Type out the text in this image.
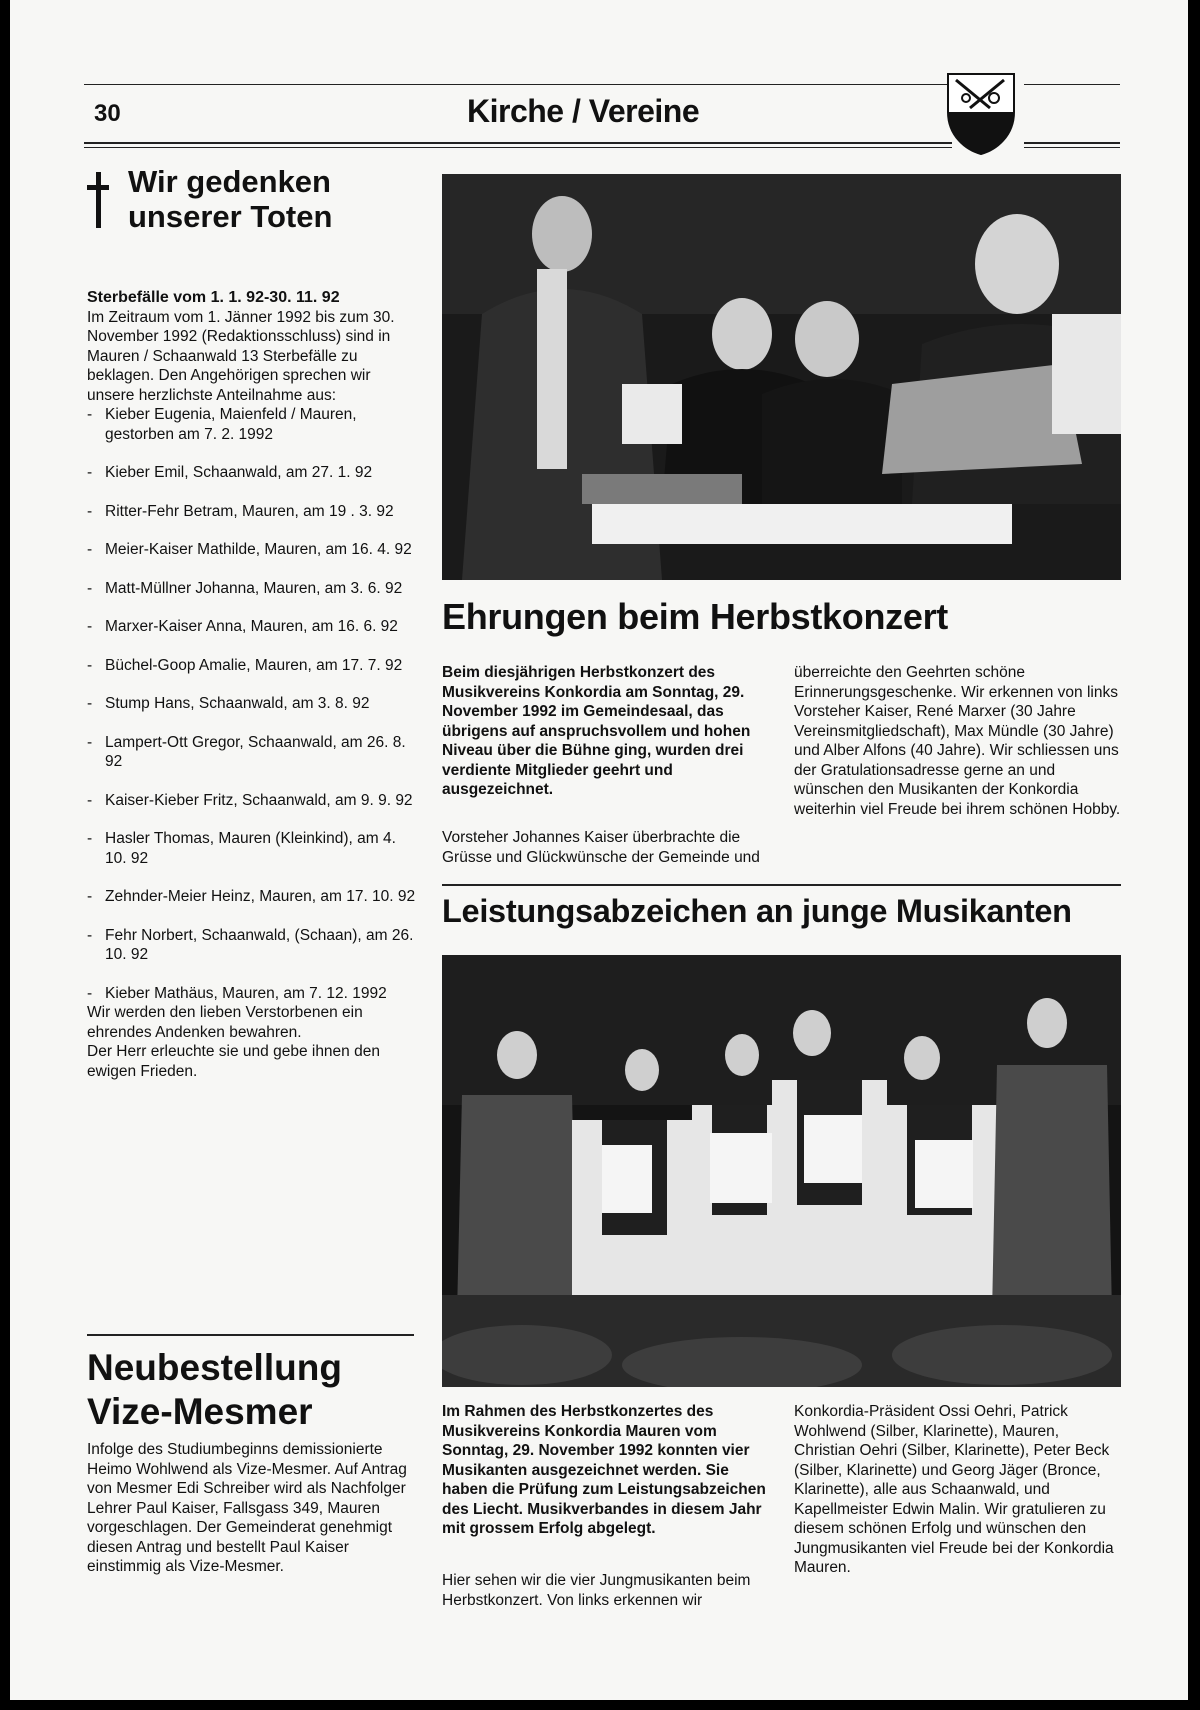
30	Kirche / Vereine
Wir gedenken
unserer Toten

Sterbefälle vom 1. 1. 92-30. 11. 92

Im Zeitraum vom 1. Jänner 1992 bis zum 30. November 1992 (Redaktionsschluss) sind in Mauren / Schaanwald 13 Sterbefälle zu beklagen. Den Angehörigen sprechen wir unsere herzlichste Anteilnahme aus:

- Kieber Eugenia, Maienfeld / Mauren, gestorben am 7. 2. 1992
- Kieber Emil, Schaanwald, am 27. 1. 92
- Ritter-Fehr Betram, Mauren, am 19 . 3. 92
- Meier-Kaiser Mathilde, Mauren, am 16. 4. 92
- Matt-Müllner Johanna, Mauren, am 3. 6. 92
- Marxer-Kaiser Anna, Mauren, am 16. 6. 92
- Büchel-Goop Amalie, Mauren, am 17. 7. 92
- Stump Hans, Schaanwald, am 3. 8. 92
- Lampert-Ott Gregor, Schaanwald, am 26. 8. 92
- Kaiser-Kieber Fritz, Schaanwald, am 9. 9. 92
- Hasler Thomas, Mauren (Kleinkind), am 4. 10. 92
- Zehnder-Meier Heinz, Mauren, am 17. 10. 92
- Fehr Norbert, Schaanwald, (Schaan), am 26. 10. 92
- Kieber Mathäus, Mauren, am 7. 12. 1992

Wir werden den lieben Verstorbenen ein ehrendes Andenken bewahren.

Der Herr erleuchte sie und gebe ihnen den ewigen Frieden.

Neubestellung Vize-Mesmer
Infolge des Studiumbeginns demissionierte Heimo Wohlwend als Vize-Mesmer. Auf Antrag von Mesmer Edi Schreiber wird als Nachfolger Lehrer Paul Kaiser, Fallsgass 349, Mauren vorgeschlagen. Der Gemeinderat genehmigt diesen Antrag und bestellt Paul Kaiser einstimmig als Vize-Mesmer.
Ehrungen beim Herbstkonzert

Beim diesjährigen Herbstkonzert des Musikvereins Konkordia am Sonntag, 29. November 1992 im Gemeindesaal, das übrigens auf anspruchsvollem und hohen Niveau über die Bühne ging, wurden drei verdiente Mitglieder geehrt und ausgezeichnet.

Vorsteher Johannes Kaiser überbrachte die Grüsse und Glückwünsche der Gemeinde und
überreichte den Geehrten schöne Erinnerungsgeschenke. Wir erkennen von links Vorsteher Kaiser, René Marxer (30 Jahre Vereinsmitgliedschaft), Max Mündle (30 Jahre) und Alber Alfons (40 Jahre). Wir schliessen uns der Gratulationsadresse gerne an und wünschen den Musikanten der Konkordia weiterhin viel Freude bei ihrem schönen Hobby.
Leistungsabzeichen an junge Musikanten

Im Rahmen des Herbstkonzertes des Musikvereins Konkordia Mauren vom Sonntag, 29. November 1992 konnten vier Musikanten ausgezeichnet werden. Sie haben die Prüfung zum Leistungsabzeichen des Liecht. Musikverbandes in diesem Jahr mit grossem Erfolg abgelegt.

Hier sehen wir die vier Jungmusikanten beim Herbstkonzert. Von links erkennen wir
Konkordia-Präsident Ossi Oehri, Patrick Wohlwend (Silber, Klarinette), Mauren, Christian Oehri (Silber, Klarinette), Peter Beck (Silber, Klarinette) und Georg Jäger (Bronce, Klarinette), alle aus Schaanwald, und Kapellmeister Edwin Malin. Wir gratulieren zu diesem schönen Erfolg und wünschen den Jungmusikanten viel Freude bei der Konkordia Mauren.
